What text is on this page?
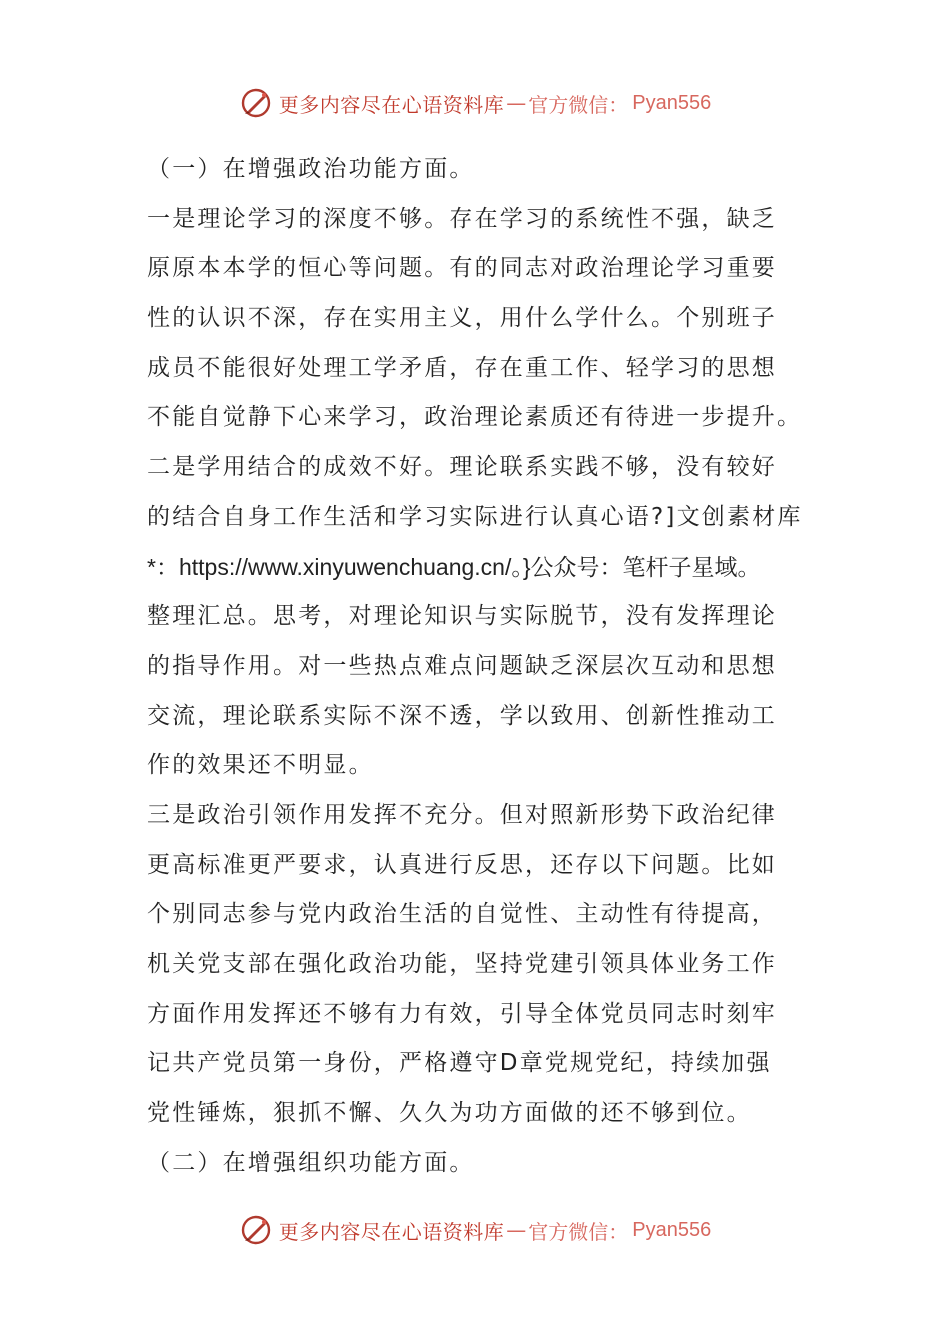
更多内容尽在心语资料库 — 官方微信： Pyan556
（一）在增强政治功能方面。
一是理论学习的深度不够。存在学习的系统性不强，缺乏
原原本本学的恒心等问题。有的同志对政治理论学习重要
性的认识不深，存在实用主义，用什么学什么。个别班子
成员不能很好处理工学矛盾，存在重工作、轻学习的思想
不能自觉静下心来学习，政治理论素质还有待进一步提升。
二是学用结合的成效不好。理论联系实践不够，没有较好
的结合自身工作生活和学习实际进行认真心语?]文创素材库
*：https://www.xinyuwenchuang.cn/。}公众号：笔杆子星域。
整理汇总。思考，对理论知识与实际脱节，没有发挥理论
的指导作用。对一些热点难点问题缺乏深层次互动和思想
交流，理论联系实际不深不透，学以致用、创新性推动工
作的效果还不明显。
三是政治引领作用发挥不充分。但对照新形势下政治纪律
更高标准更严要求，认真进行反思，还存以下问题。比如
个别同志参与党内政治生活的自觉性、主动性有待提高，
机关党支部在强化政治功能，坚持党建引领具体业务工作
方面作用发挥还不够有力有效，引导全体党员同志时刻牢
记共产党员第一身份，严格遵守D章党规党纪，持续加强
党性锤炼，狠抓不懈、久久为功方面做的还不够到位。
（二）在增强组织功能方面。
更多内容尽在心语资料库 — 官方微信： Pyan556
